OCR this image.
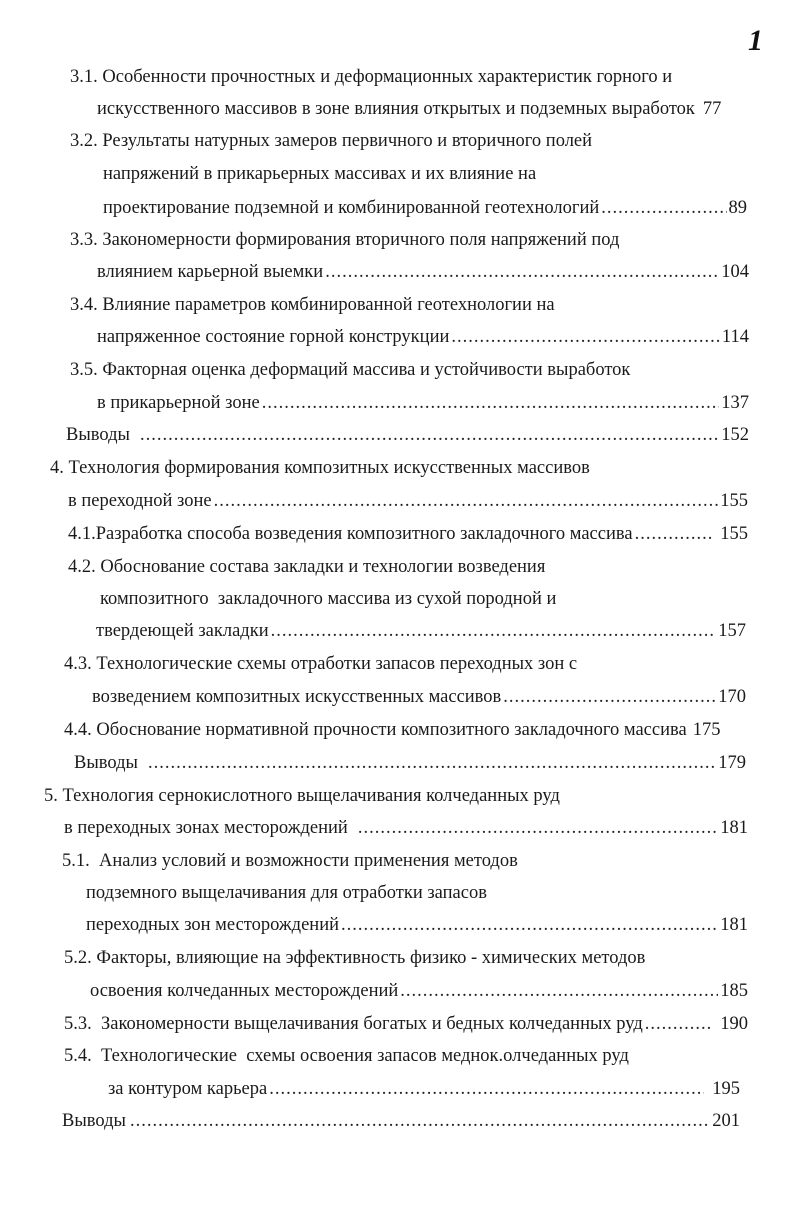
1
3.1. Особенности прочностных и деформационных характеристик горного и
искусственного массивов в зоне влияния открытых и подземных выработок 77
3.2. Результаты натурных замеров первичного и вторичного полей
напряжений в прикарьерных массивах и их влияние на
проектирование подземной и комбинированной геотехнологий .....	89
3.3. Закономерности формирования вторичного поля напряжений под
влиянием карьерной выемки .....	104
3.4. Влияние параметров комбинированной геотехнологии на
напряженное состояние горной конструкции .....	114
3.5. Факторная оценка деформаций массива и устойчивости выработок
в прикарьерной зоне .....	137
Выводы .....	152
4. Технология формирования композитных искусственных массивов
в переходной зоне .....	155
4.1.Разработка способа возведения композитного закладочного массива .....	155
4.2. Обоснование состава закладки и технологии возведения
композитного  закладочного массива из сухой породной и
твердеющей закладки .....	157
4.3. Технологические схемы отработки запасов переходных зон с
возведением композитных искусственных массивов .....	170
4.4. Обоснование нормативной прочности композитного закладочного массива 175
Выводы .....	179
5. Технология сернокислотного выщелачивания колчеданных руд
в переходных зонах месторождений .....	181
5.1.  Анализ условий и возможности применения методов
подземного выщелачивания для отработки запасов
переходных зон месторождений .....	181
5.2. Факторы, влияющие на эффективность физико - химических методов
освоения колчеданных месторождений .....	185
5.3.  Закономерности выщелачивания богатых и бедных колчеданных руд .....	190
5.4.  Технологические  схемы освоения запасов меднок.олчеданных руд
за контуром карьера .....	195
Выводы .....	201
